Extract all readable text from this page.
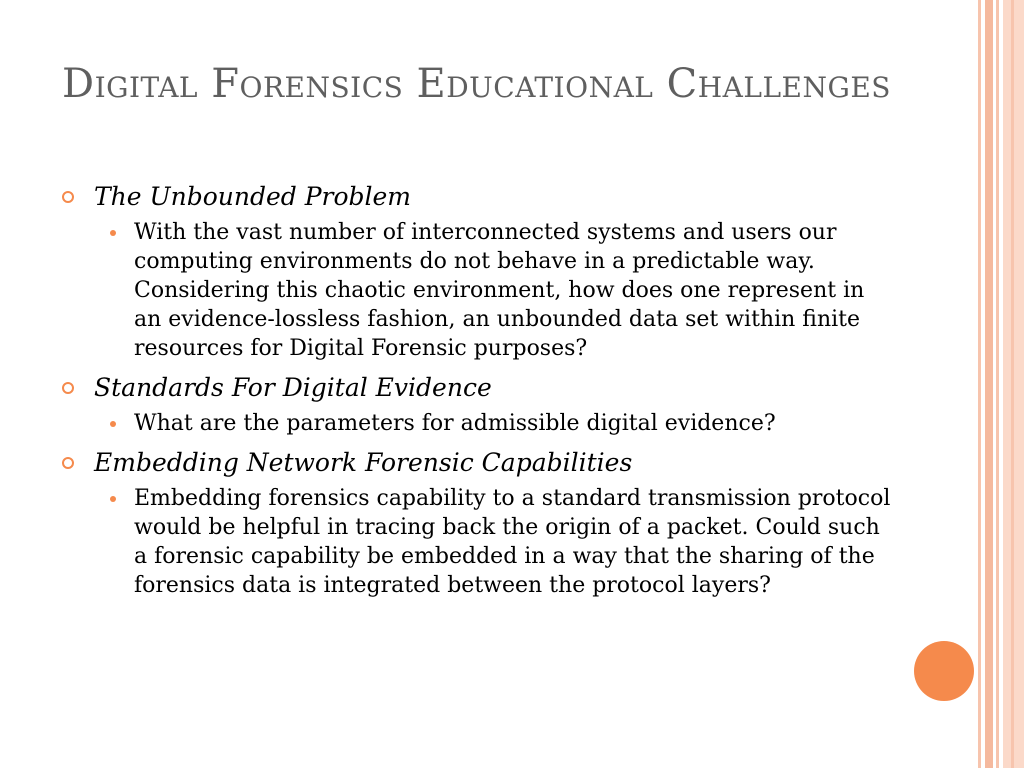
Digital Forensics Educational Challenges
The Unbounded Problem
With the vast number of interconnected systems and users our computing environments do not behave in a predictable way. Considering this chaotic environment, how does one represent in an evidence-lossless fashion, an unbounded data set within finite resources for Digital Forensic purposes?
Standards For Digital Evidence
What are the parameters for admissible digital evidence?
Embedding Network Forensic Capabilities
Embedding forensics capability to a standard transmission protocol would be helpful in tracing back the origin of a packet. Could such a forensic capability be embedded in a way that the sharing of the forensics data is integrated between the protocol layers?
